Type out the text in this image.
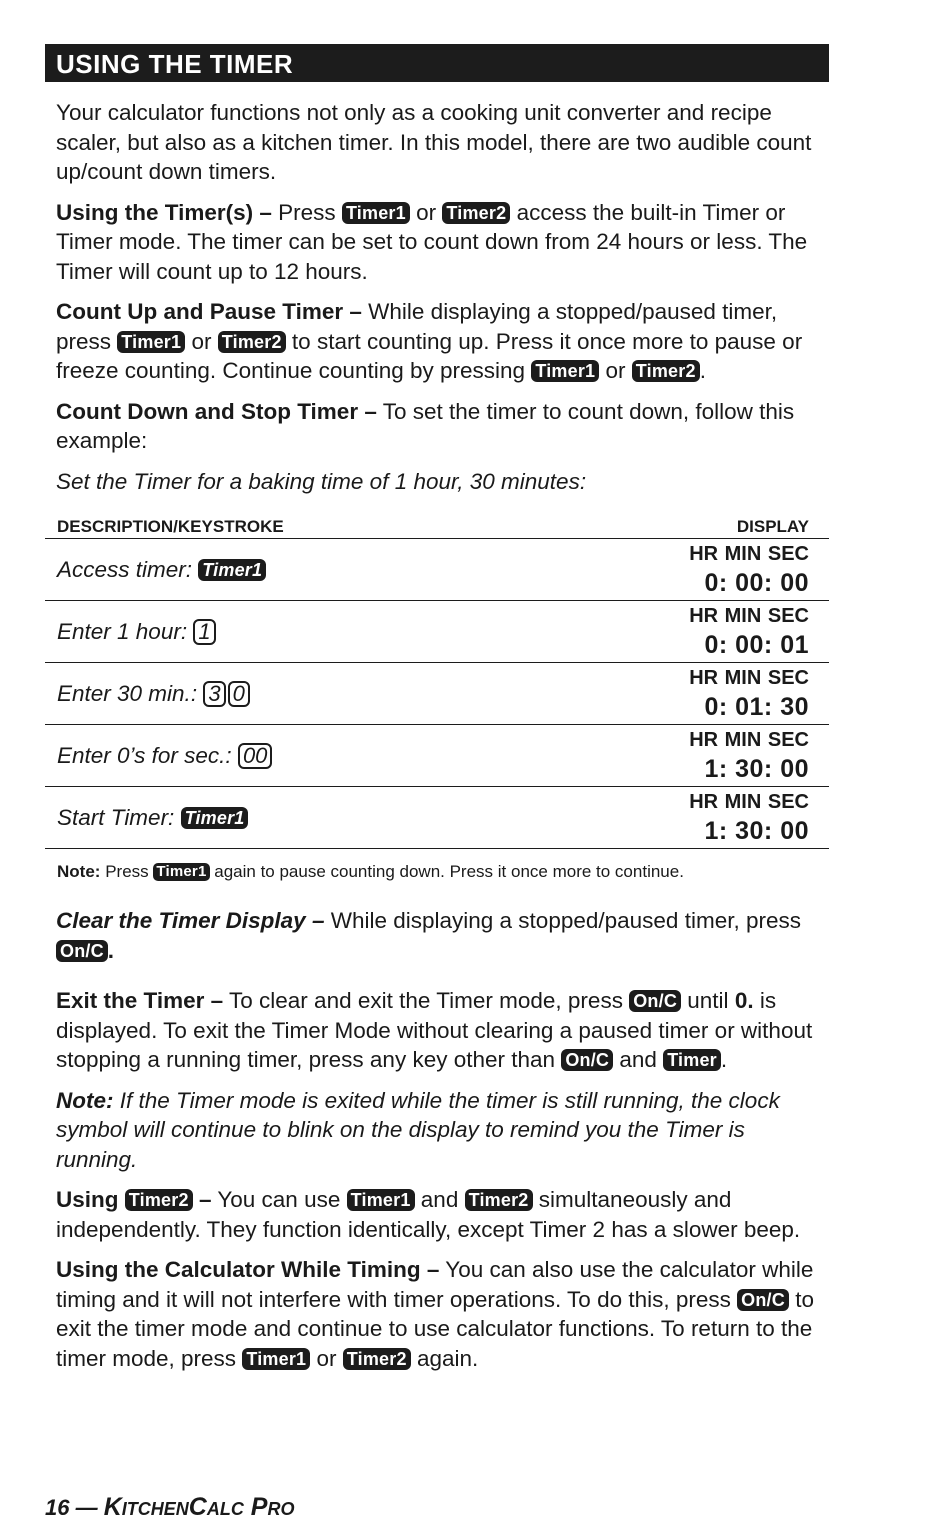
USING THE TIMER

Your calculator functions not only as a cooking unit converter and recipe scaler, but also as a kitchen timer. In this model, there are two audible count up/count down timers.

Using the Timer(s) – Press Timer1 or Timer2 access the built-in Timer or Timer mode. The timer can be set to count down from 24 hours or less. The Timer will count up to 12 hours.

Count Up and Pause Timer – While displaying a stopped/paused timer, press Timer1 or Timer2 to start counting up. Press it once more to pause or freeze counting. Continue counting by pressing Timer1 or Timer2 .

Count Down and Stop Timer – To set the timer to count down, follow this example:

Set the Timer for a baking time of 1 hour, 30 minutes:

DESCRIPTION/KEYSTROKE	DISPLAY
Access timer: Timer1
HR MIN SEC
0: 00: 00
Enter 1 hour: 1
HR MIN SEC
0: 00: 01
Enter 30 min.: 3 0
HR MIN SEC
0: 01: 30
Enter 0’s for sec.: 00
HR MIN SEC
1: 30: 00
Start Timer: Timer1
HR MIN SEC
1: 30: 00
Note: Press Timer1 again to pause counting down. Press it once more to continue.

Clear the Timer Display – While displaying a stopped/paused timer, press On/C .

Exit the Timer – To clear and exit the Timer mode, press On/C until 0. is displayed. To exit the Timer Mode without clearing a paused timer or without stopping a running timer, press any key other than On/C and Timer .

Note: If the Timer mode is exited while the timer is still running, the clock symbol will continue to blink on the display to remind you the Timer is running.

Using Timer2 – You can use Timer1 and Timer2 simultaneously and independently. They function identically, except Timer 2 has a slower beep.

Using the Calculator While Timing – You can also use the calculator while timing and it will not interfere with timer operations. To do this, press On/C to exit the timer mode and continue to use calculator functions. To return to the timer mode, press Timer1 or Timer2 again.

16 — KitchenCalc Pro
